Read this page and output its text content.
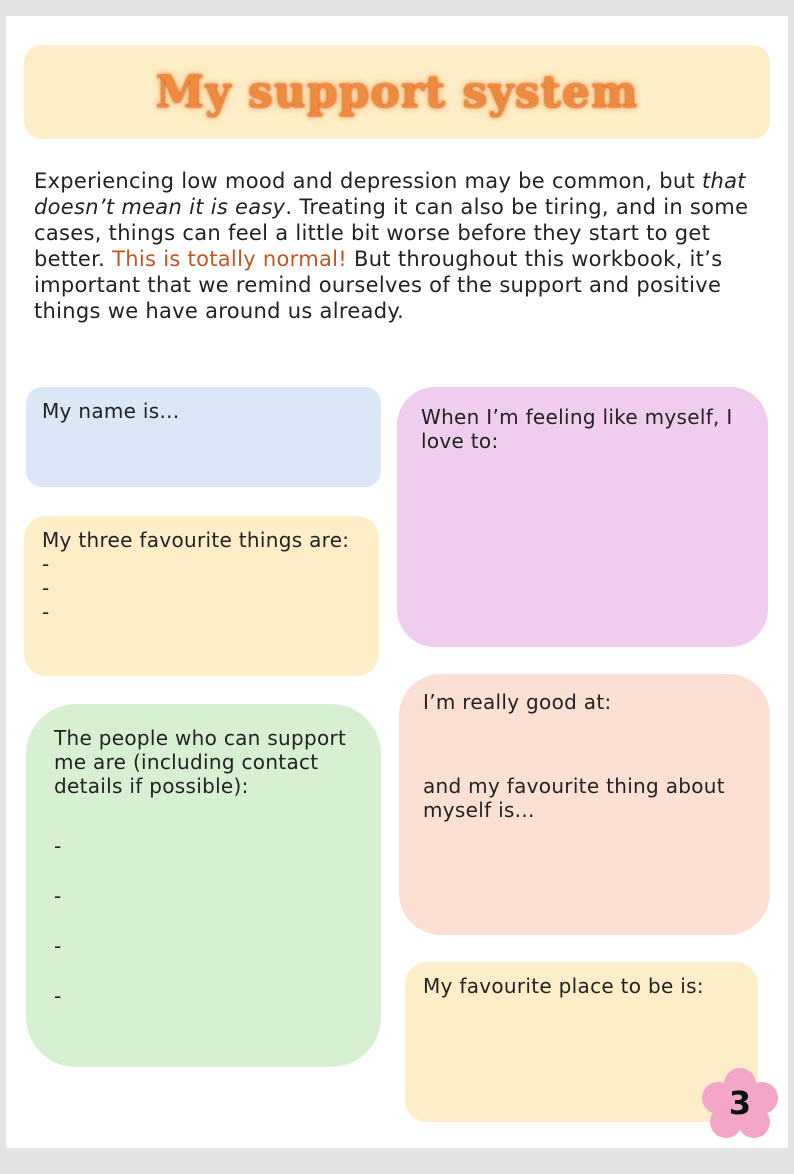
My support system

Experiencing low mood and depression may be common, but that doesn’t mean it is easy. Treating it can also be tiring, and in some cases, things can feel a little bit worse before they start to get better. This is totally normal! But throughout this workbook, it’s important that we remind ourselves of the support and positive things we have around us already.

My name is...	When I’m feeling like myself, I love to:

My three favourite things are:

-

-

-

I’m really good at:

and my favourite thing about myself is...

The people who can support me are (including contact details if possible):

-

-

-

-	My favourite place to be is:

3
